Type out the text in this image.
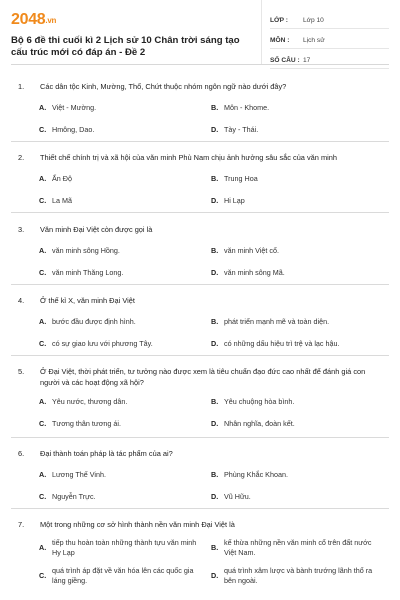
2048.vn
Bộ 6 đề thi cuối kì 2 Lịch sử 10 Chân trời sáng tạo cấu trúc mới có đáp án - Đề 2
LỚP :	Lớp 10
MÔN :	Lịch sử
SỐ CÂU : 17
1.	Các dân tộc Kinh, Mường, Thổ, Chứt thuộc nhóm ngôn ngữ nào dưới đây?
A. Việt - Mường.	B. Môn - Khome.
C. Hmông, Dao.	D. Tày - Thái.
2.	Thiết chế chính trị và xã hội của văn minh Phù Nam chịu ảnh hưởng sâu sắc của văn minh
A. Ấn Độ	B. Trung Hoa
C. La Mã	D. Hi Lạp
3.	Văn minh Đại Việt còn được gọi là
A. văn minh sông Hồng.	B. văn minh Việt cổ.
C. văn minh Thăng Long.	D. văn minh sông Mã.
4.	Ở thế kỉ X, văn minh Đại Việt
A. bước đầu được định hình.	B. phát triển mạnh mẽ và toàn diện.
C. có sự giao lưu với phương Tây.	D. có những dấu hiệu trì trệ và lạc hậu.
5.	Ở Đại Việt, thời phát triển, tư tưởng nào được xem là tiêu chuẩn đạo đức cao nhất để đánh giá con người và các hoạt động xã hội?
A. Yêu nước, thương dân.	B. Yêu chuộng hòa bình.
C. Tương thân tương ái.	D. Nhân nghĩa, đoàn kết.
6.	Đại thành toán pháp là tác phẩm của ai?
A. Lương Thế Vinh.	B. Phùng Khắc Khoan.
C. Nguyễn Trực.	D. Vũ Hữu.
7.	Một trong những cơ sở hình thành nền văn minh Đại Việt là
A.
tiếp thu hoàn toàn những thành tựu văn minh Hy Lạp
B.
kế thừa những nền văn minh cổ trên đất nước Việt Nam.
C.
quá trình áp đặt về văn hóa lên các quốc gia láng giềng.
D.
quá trình xâm lược và bành trướng lãnh thổ ra bên ngoài.
